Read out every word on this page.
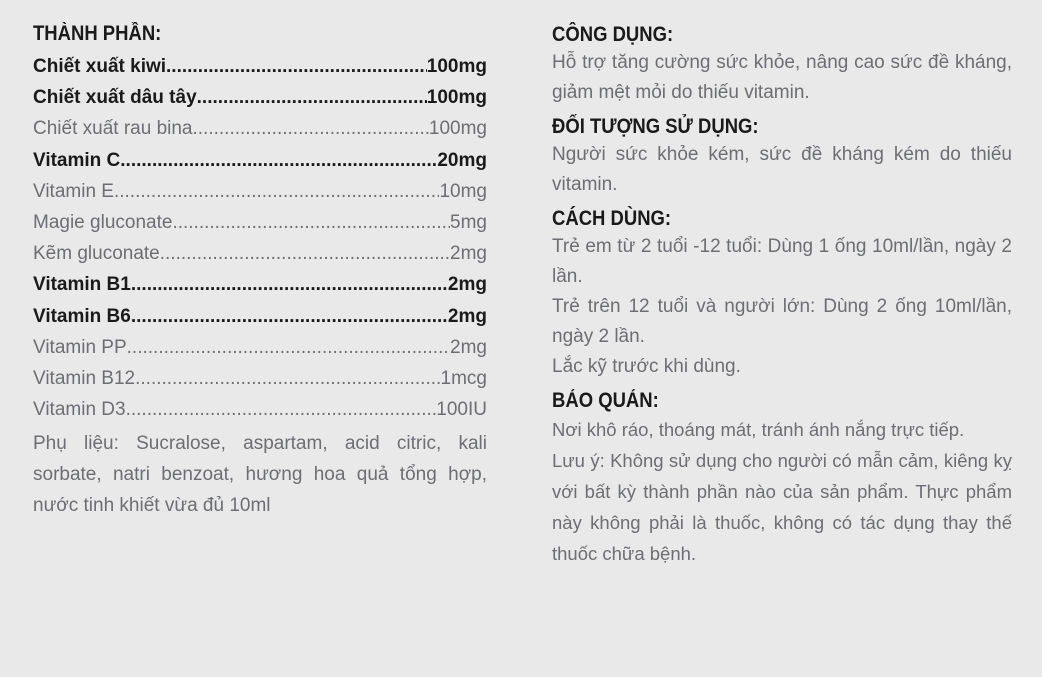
THÀNH PHẦN:
Chiết xuất kiwi .....	100mg
Chiết xuất dâu tây .....	100mg
Chiết xuất rau bina .....	100mg
Vitamin C .....	20mg
Vitamin E .....	10mg
Magie gluconate .....	5mg
Kẽm gluconate .....	2mg
Vitamin B1 .....	2mg
Vitamin B6 .....	2mg
Vitamin PP .....	2mg
Vitamin B12 .....	1mcg
Vitamin D3 .....	100IU
Phụ liệu: Sucralose, aspartam, acid citric, kali sorbate, natri benzoat, hương hoa quả tổng hợp, nước tinh khiết vừa đủ 10ml
CÔNG DỤNG:
Hỗ trợ tăng cường sức khỏe, nâng cao sức đề kháng, giảm mệt mỏi do thiếu vitamin.
ĐỐI TƯỢNG SỬ DỤNG:
Người sức khỏe kém, sức đề kháng kém do thiếu vitamin.
CÁCH DÙNG:
Trẻ em từ 2 tuổi -12 tuổi: Dùng 1 ống 10ml/lần, ngày 2 lần.
Trẻ trên 12 tuổi và người lớn: Dùng 2 ống 10ml/lần, ngày 2 lần.
Lắc kỹ trước khi dùng.
BẢO QUẢN:
Nơi khô ráo, thoáng mát, tránh ánh nắng trực tiếp.
Lưu ý: Không sử dụng cho người có mẫn cảm, kiêng kỵ với bất kỳ thành phần nào của sản phẩm. Thực phẩm này không phải là thuốc, không có tác dụng thay thế thuốc chữa bệnh.
